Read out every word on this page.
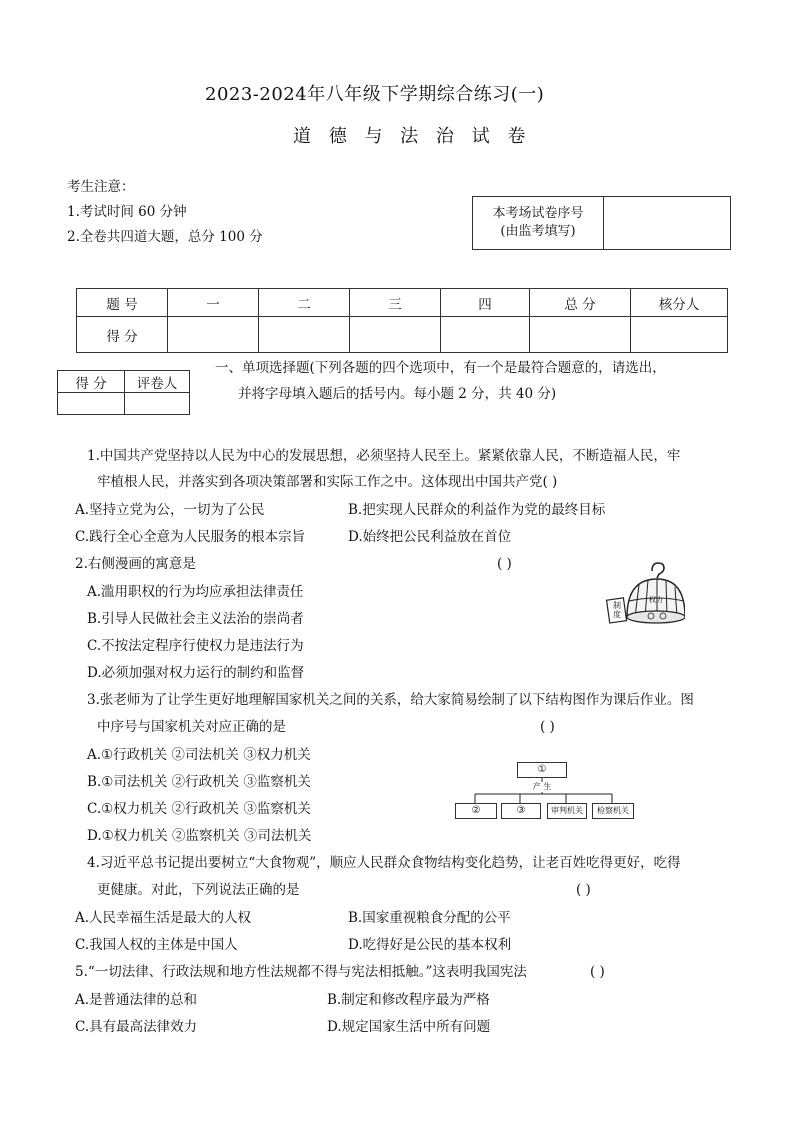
2023-2024年八年级下学期综合练习(一)
道 德 与 法 治 试 卷
考生注意：
1.考试时间 60 分钟
2.全卷共四道大题，总分 100 分
本考场试卷序号
(由监考填写)

题 号	一	二	三	四	总 分	核分人
得 分						
得 分	评卷人

一、单项选择题(下列各题的四个选项中，有一个是最符合题意的，请选出，
并将字母填入题后的括号内。每小题 2 分，共 40 分)
1.中国共产党坚持以人民为中心的发展思想，必须坚持人民至上。紧紧依靠人民，不断造福人民，牢
牢植根人民，并落实到各项决策部署和实际工作之中。这体现出中国共产党( )
A.坚持立党为公，一切为了公民	B.把实现人民群众的利益作为党的最终目标
C.践行全心全意为人民服务的根本宗旨	D.始终把公民利益放在首位
2.右侧漫画的寓意是	( )
A.滥用职权的行为均应承担法律责任
B.引导人民做社会主义法治的崇尚者
C.不按法定程序行使权力是违法行为
D.必须加强对权力运行的制约和监督
制度
权力
3.张老师为了让学生更好地理解国家机关之间的关系，给大家简易绘制了以下结构图作为课后作业。图
中序号与国家机关对应正确的是	( )
A.①行政机关 ②司法机关 ③权力机关
B.①司法机关 ②行政机关 ③监察机关
C.①权力机关 ②行政机关 ③监察机关
D.①权力机关 ②监察机关 ③司法机关
①
产 生
②	③	审判机关	检察机关
4.习近平总书记提出要树立“大食物观”，顺应人民群众食物结构变化趋势，让老百姓吃得更好，吃得
更健康。对此，下列说法正确的是	( )
A.人民幸福生活是最大的人权	B.国家重视粮食分配的公平
C.我国人权的主体是中国人	D.吃得好是公民的基本权利
5.“一切法律、行政法规和地方性法规都不得与宪法相抵触。”这表明我国宪法	( )
A.是普通法律的总和	B.制定和修改程序最为严格
C.具有最高法律效力	D.规定国家生活中所有问题
